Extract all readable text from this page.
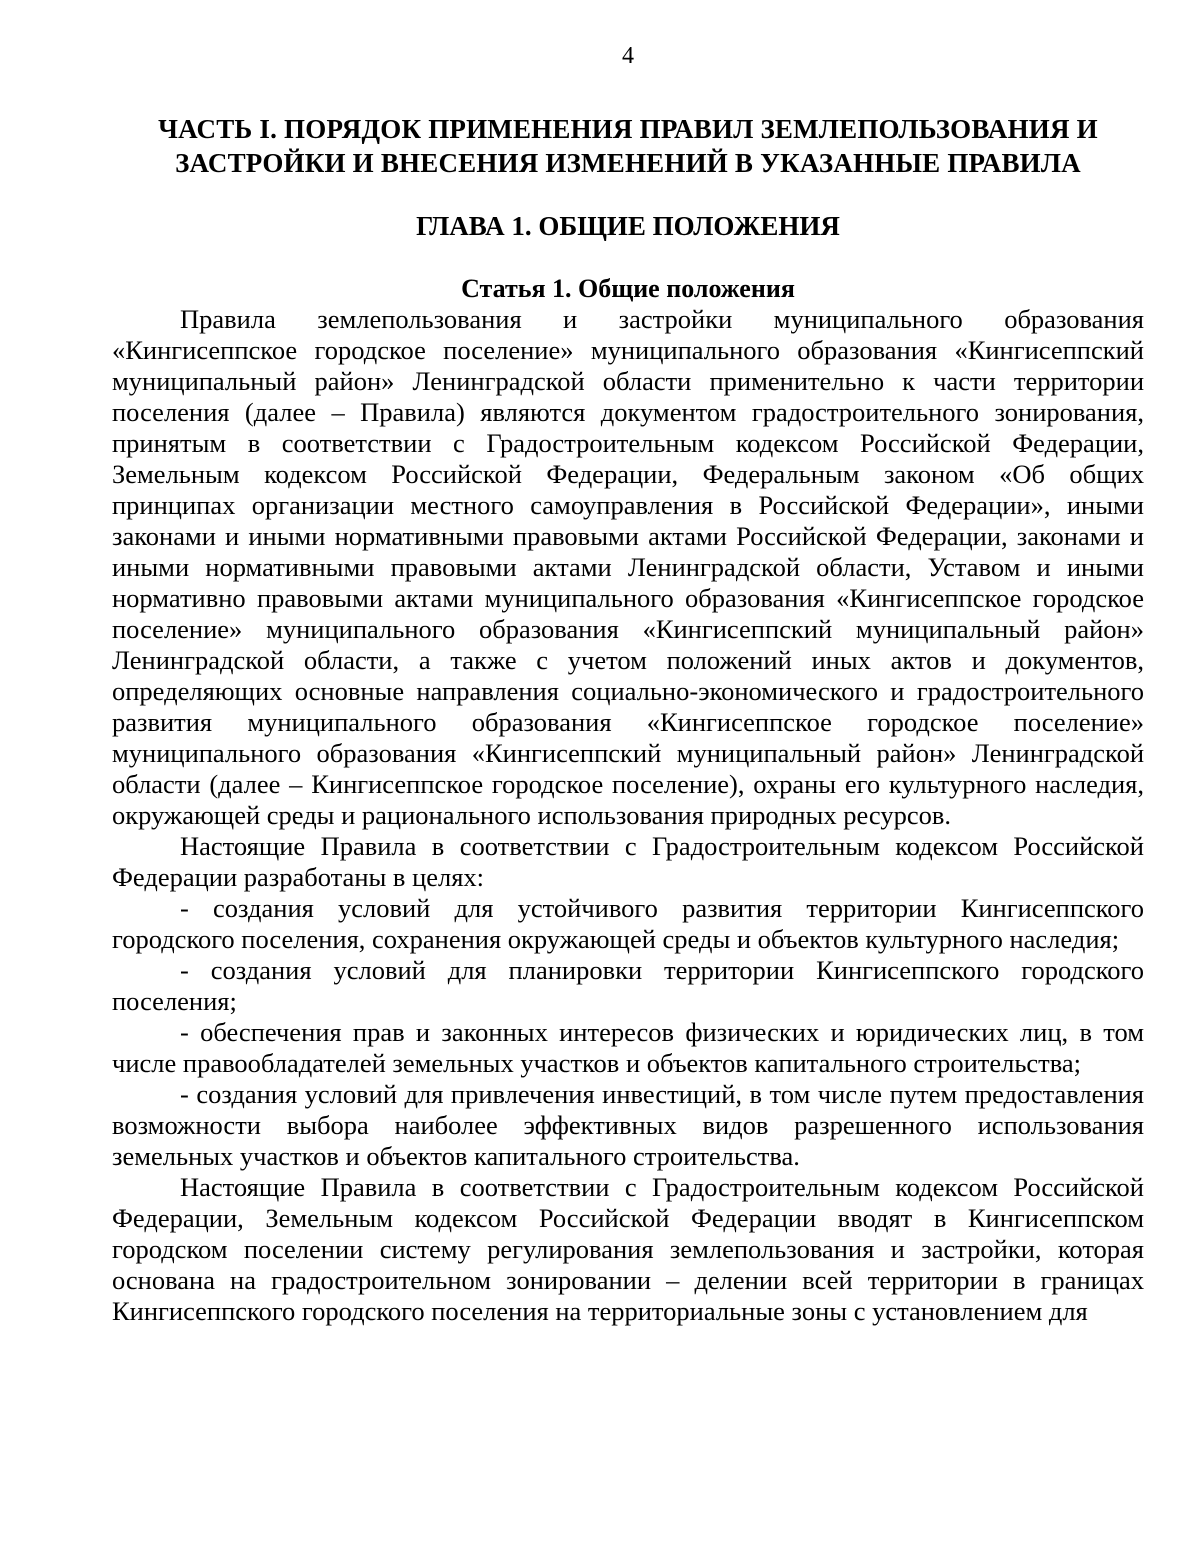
4
ЧАСТЬ I. ПОРЯДОК ПРИМЕНЕНИЯ ПРАВИЛ ЗЕМЛЕПОЛЬЗОВАНИЯ И ЗАСТРОЙКИ И ВНЕСЕНИЯ ИЗМЕНЕНИЙ В УКАЗАННЫЕ ПРАВИЛА
ГЛАВА 1. ОБЩИЕ ПОЛОЖЕНИЯ
Статья 1. Общие положения

Правила землепользования и застройки муниципального образования «Кингисеппское городское поселение» муниципального образования «Кингисеппский муниципальный район» Ленинградской области применительно к части территории поселения (далее – Правила) являются документом градостроительного зонирования, принятым в соответствии с Градостроительным кодексом Российской Федерации, Земельным кодексом Российской Федерации, Федеральным законом «Об общих принципах организации местного самоуправления в Российской Федерации», иными законами и иными нормативными правовыми актами Российской Федерации, законами и иными нормативными правовыми актами Ленинградской области, Уставом и иными нормативно правовыми актами муниципального образования «Кингисеппское городское поселение» муниципального образования «Кингисеппский муниципальный район» Ленинградской области, а также с учетом положений иных актов и документов, определяющих основные направления социально-экономического и градостроительного развития муниципального образования «Кингисеппское городское поселение» муниципального образования «Кингисеппский муниципальный район» Ленинградской области (далее – Кингисеппское городское поселение), охраны его культурного наследия, окружающей среды и рационального использования природных ресурсов.

Настоящие Правила в соответствии с Градостроительным кодексом Российской Федерации разработаны в целях:

- создания условий для устойчивого развития территории Кингисеппского городского поселения, сохранения окружающей среды и объектов культурного наследия;

- создания условий для планировки территории Кингисеппского городского поселения;

- обеспечения прав и законных интересов физических и юридических лиц, в том числе правообладателей земельных участков и объектов капитального строительства;

- создания условий для привлечения инвестиций, в том числе путем предоставления возможности выбора наиболее эффективных видов разрешенного использования земельных участков и объектов капитального строительства.

Настоящие Правила в соответствии с Градостроительным кодексом Российской Федерации, Земельным кодексом Российской Федерации вводят в Кингисеппском городском поселении систему регулирования землепользования и застройки, которая основана на градостроительном зонировании – делении всей территории в границах Кингисеппского городского поселения на территориальные зоны с установлением для
